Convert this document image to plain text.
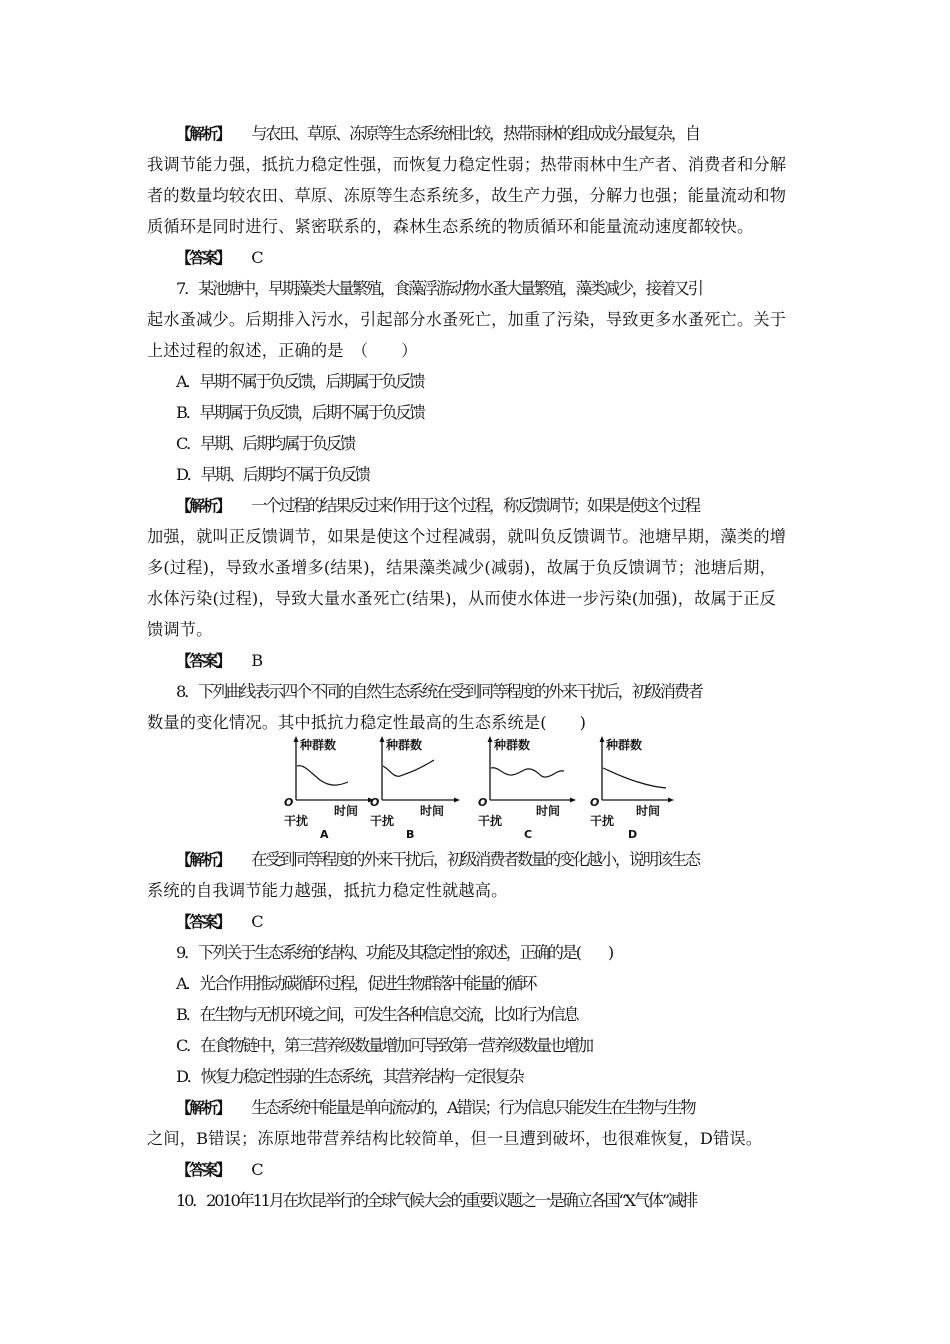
【解析】 与农田、草原、冻原等生态系统相比较，热带雨林的组成成分最复杂，自
我调节能力强，抵抗力稳定性强，而恢复力稳定性弱；热带雨林中生产者、消费者和分解
者的数量均较农田、草原、冻原等生态系统多，故生产力强，分解力也强；能量流动和物
质循环是同时进行、紧密联系的，森林生态系统的物质循环和能量流动速度都较快。
【答案】 C
7．某池塘中，早期藻类大量繁殖，食藻浮游动物水蚤大量繁殖，藻类减少，接着又引
起水蚤减少。后期排入污水，引起部分水蚤死亡，加重了污染，导致更多水蚤死亡。关于
上述过程的叙述，正确的是　（　　）
A．早期不属于负反馈，后期属于负反馈
B．早期属于负反馈，后期不属于负反馈
C．早期、后期均属于负反馈
D．早期、后期均不属于负反馈
【解析】 一个过程的结果反过来作用于这个过程，称反馈调节；如果是使这个过程
加强，就叫正反馈调节，如果是使这个过程减弱，就叫负反馈调节。池塘早期，藻类的增
多(过程)，导致水蚤增多(结果)，结果藻类减少(减弱)，故属于负反馈调节；池塘后期，
水体污染(过程)，导致大量水蚤死亡(结果)，从而使水体进一步污染(加强)，故属于正反
馈调节。
【答案】 B
8．下列曲线表示四个不同的自然生态系统在受到同等程度的外来干扰后，初级消费者
数量的变化情况。其中抵抗力稳定性最高的生态系统是(　　)
种群数
O
时间
干扰
A
种群数
O
时间
干扰
B
种群数
O
时间
干扰
C
种群数
O
时间
干扰
D
【解析】 在受到同等程度的外来干扰后，初级消费者数量的变化越小，说明该生态
系统的自我调节能力越强，抵抗力稳定性就越高。
【答案】 C
9．下列关于生态系统的结构、功能及其稳定性的叙述，正确的是(　　)
A．光合作用推动碳循环过程，促进生物群落中能量的循环
B．在生物与无机环境之间，可发生各种信息交流，比如行为信息
C．在食物链中，第三营养级数量增加可导致第一营养级数量也增加
D．恢复力稳定性弱的生态系统，其营养结构一定很复杂
【解析】 生态系统中能量是单向流动的，A错误；行为信息只能发生在生物与生物
之间，B错误；冻原地带营养结构比较简单，但一旦遭到破坏，也很难恢复，D错误。
【答案】 C
10．2010年11月在坎昆举行的全球气候大会的重要议题之一是确立各国“X气体”减排
